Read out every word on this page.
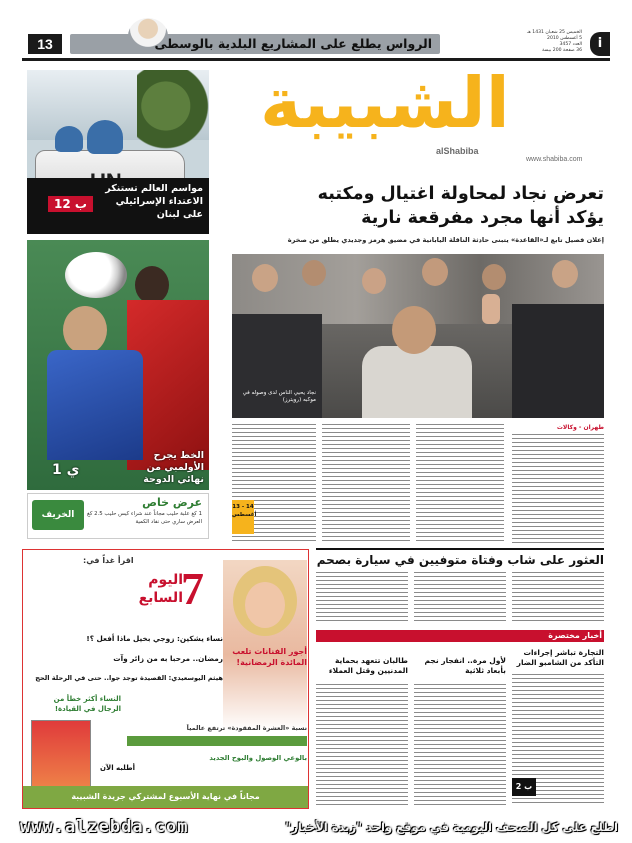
13	الرواس يطلع على المشاريع البلدية بالوسطى
الخميس 25 شعبان 1431 هـ
5 أغسطس 2010
العدد 3457
36 صفحة 200 بيسة	i
مواسم العالم تستنكر
الاعتداء الإسرائيلي
على لبنان
12 ب
الخط يجرح
الأولمبي من
نهائي الدوحة
1 ي
الخريف
عرض خاص
1 كغ علبة حليب مجاناً عند شراء كيس حليب 2.5 كغ العرض ساري حتى نفاد الكمية
الشبيبة
alShabiba
www.shabiba.com
تعرض نجاد لمحاولة اغتيال ومكتبه
يؤكد أنها مجرد مفرقعة نارية
إعلان فصيل تابع لـ«القاعدة» يتبنى حادثة الناقلة اليابانية في مضيق هرمز وجديدي يطلق من صخرة
نجاد يحيي الناس لدى وصوله في موكبه (رويترز)
طهران - وكالات
13 - 14 أغسطس
العثور على شاب وفتاة متوفيين في سيارة بصحم
اقرأ غداً في:
7
اليوم
السابع
أجور الفنانات تلعب المائدة الرمضانية!
نساء يشكين: زوجي بخيل ماذا أفعل ؟!
رمضان.. مرحبا به من زائر وآت
هيثم اليوسعيدي: القصيدة توجد جوا.. حتى في الرحلة الحج
النساء أكثر خطأ من
الرجال في القيادة!
نسبة «العشرة المفقودة» ترتفع عالمياً
بالوعي الوصول والبوح الجديد
أطلبه الآن
مجاناً في نهاية الأسبوع لمشتركي جريدة الشبيبة
أخبار مختصرة
التجارة تباشر إجراءات التأكد من الشامبو الضار
لأول مرة.. انفجار نجم بأبعاد ثلاثية
طالبان تتعهد بحماية المدنيين وقتل العملاء
2 ب
www.alzebda.com	اطلع على كل الصحف اليومية في موقع واحد "زبدة الأخبار"
